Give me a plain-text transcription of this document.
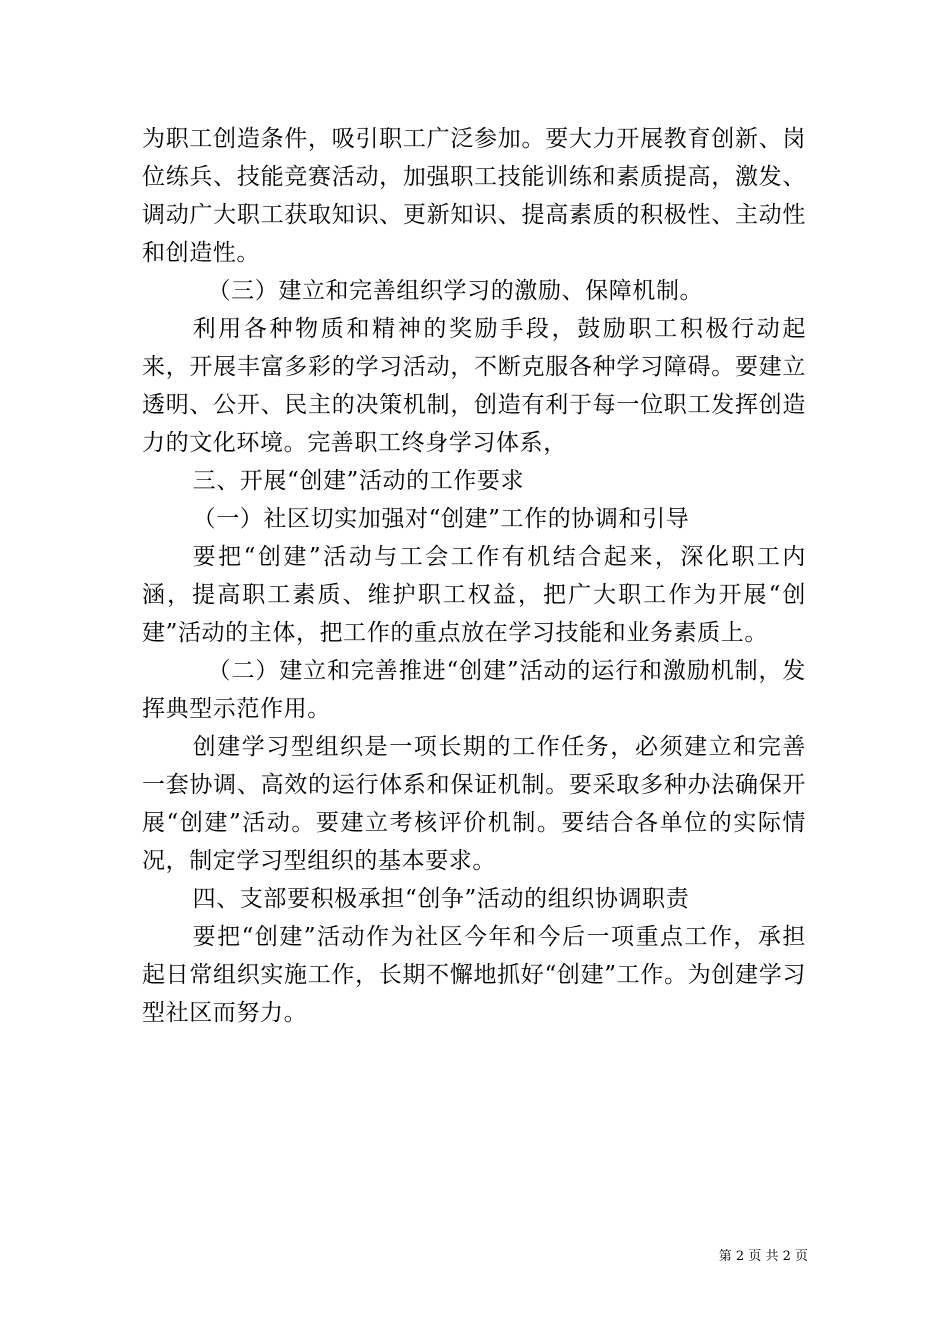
为职工创造条件，吸引职工广泛参加。要大力开展教育创新、岗位练兵、技能竞赛活动，加强职工技能训练和素质提高，激发、调动广大职工获取知识、更新知识、提高素质的积极性、主动性和创造性。

（三）建立和完善组织学习的激励、保障机制。

利用各种物质和精神的奖励手段，鼓励职工积极行动起来，开展丰富多彩的学习活动，不断克服各种学习障碍。要建立透明、公开、民主的决策机制，创造有利于每一位职工发挥创造力的文化环境。完善职工终身学习体系，

三、开展“创建”活动的工作要求

（一）社区切实加强对“创建”工作的协调和引导

要把“创建”活动与工会工作有机结合起来，深化职工内涵，提高职工素质、维护职工权益，把广大职工作为开展“创建”活动的主体，把工作的重点放在学习技能和业务素质上。

（二）建立和完善推进“创建”活动的运行和激励机制，发挥典型示范作用。

创建学习型组织是一项长期的工作任务，必须建立和完善一套协调、高效的运行体系和保证机制。要采取多种办法确保开展“创建”活动。要建立考核评价机制。要结合各单位的实际情况，制定学习型组织的基本要求。

四、支部要积极承担“创争”活动的组织协调职责

要把“创建”活动作为社区今年和今后一项重点工作，承担起日常组织实施工作，长期不懈地抓好“创建”工作。为创建学习型社区而努力。

第 2 页 共 2 页
